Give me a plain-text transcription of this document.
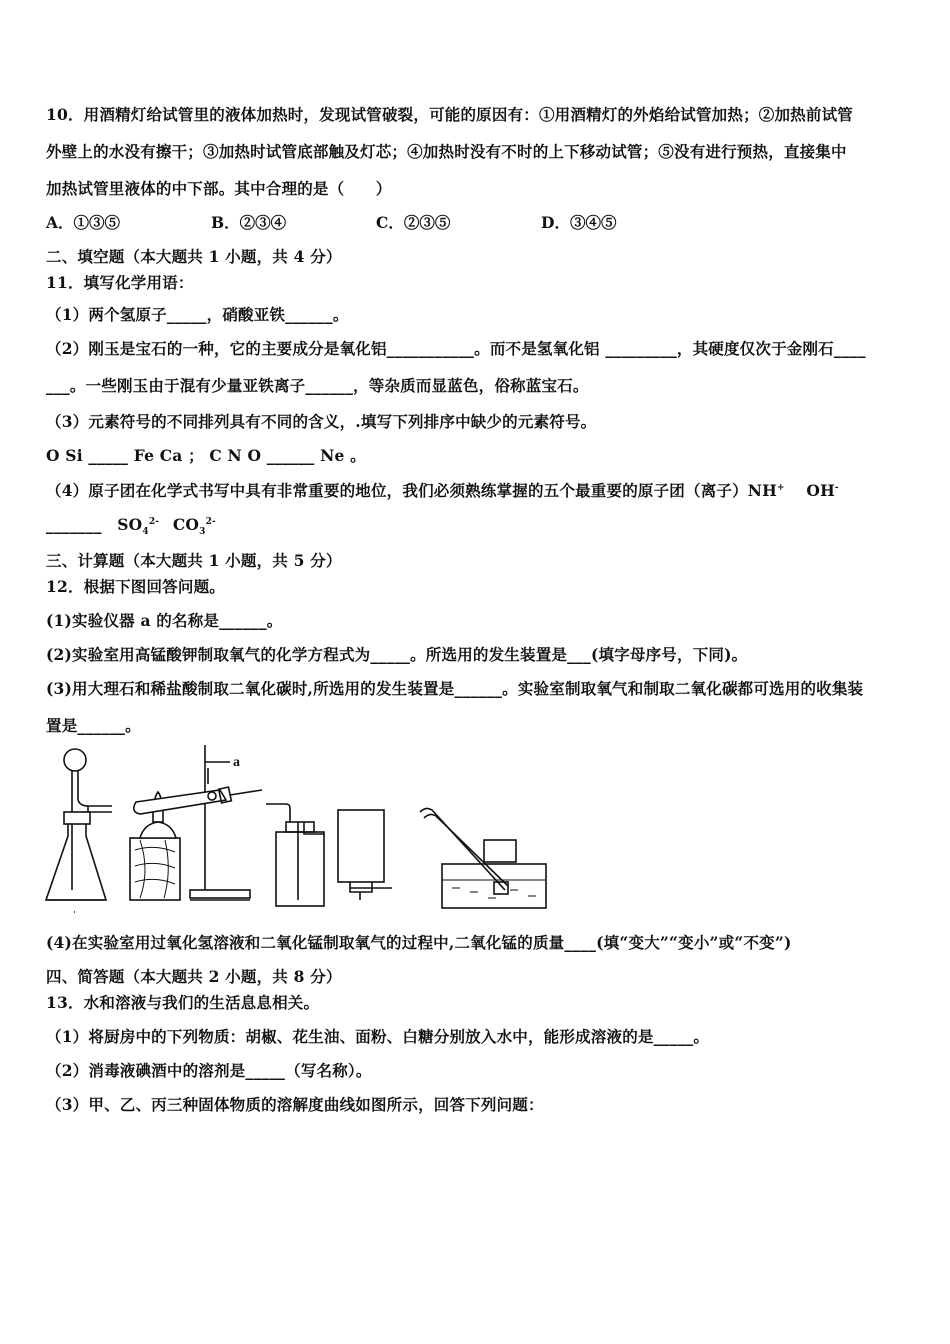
10．用酒精灯给试管里的液体加热时，发现试管破裂，可能的原因有：①用酒精灯的外焰给试管加热；②加热前试管
外壁上的水没有擦干；③加热时试管底部触及灯芯；④加热时没有不时的上下移动试管；⑤没有进行预热，直接集中
加热试管里液体的中下部。其中合理的是（　　）
A．①③⑤	B．②③④	C．②③⑤	D．③④⑤
二、填空题（本大题共 1 小题，共 4 分）
11．填写化学用语：
（1）两个氢原子_____，硝酸亚铁______。
（2）刚玉是宝石的一种，它的主要成分是氧化铝___________。而不是氢氧化铝 _________，其硬度仅次于金刚石____
___。一些刚玉由于混有少量亚铁离子______，等杂质而显蓝色，俗称蓝宝石。
（3）元素符号的不同排列具有不同的含义，.填写下列排序中缺少的元素符号。
O Si _____ Fe Ca ； C N O ______ Ne 。
（4）原子团在化学式书写中具有非常重要的地位，我们必须熟练掌握的五个最重要的原子团（离子）NH+ OH-
_______ $SO_4^{2-}$ $CO_3^{2-}$
三、计算题（本大题共 1 小题，共 5 分）
12．根据下图回答问题。
(1)实验仪器 a 的名称是______。
(2)实验室用高锰酸钾制取氧气的化学方程式为_____。所选用的发生装置是___(填字母序号，下同)。
(3)用大理石和稀盐酸制取二氧化碳时,所选用的发生装置是______。实验室制取氧气和制取二氧化碳都可选用的收集装
置是______。
a
(4)在实验室用过氧化氢溶液和二氧化锰制取氧气的过程中,二氧化锰的质量____(填“变大”“变小”或“不变”)
四、简答题（本大题共 2 小题，共 8 分）
13．水和溶液与我们的生活息息相关。
（1）将厨房中的下列物质：胡椒、花生油、面粉、白糖分别放入水中，能形成溶液的是_____。
（2）消毒液碘酒中的溶剂是_____（写名称）。
（3）甲、乙、丙三种固体物质的溶解度曲线如图所示，回答下列问题：
